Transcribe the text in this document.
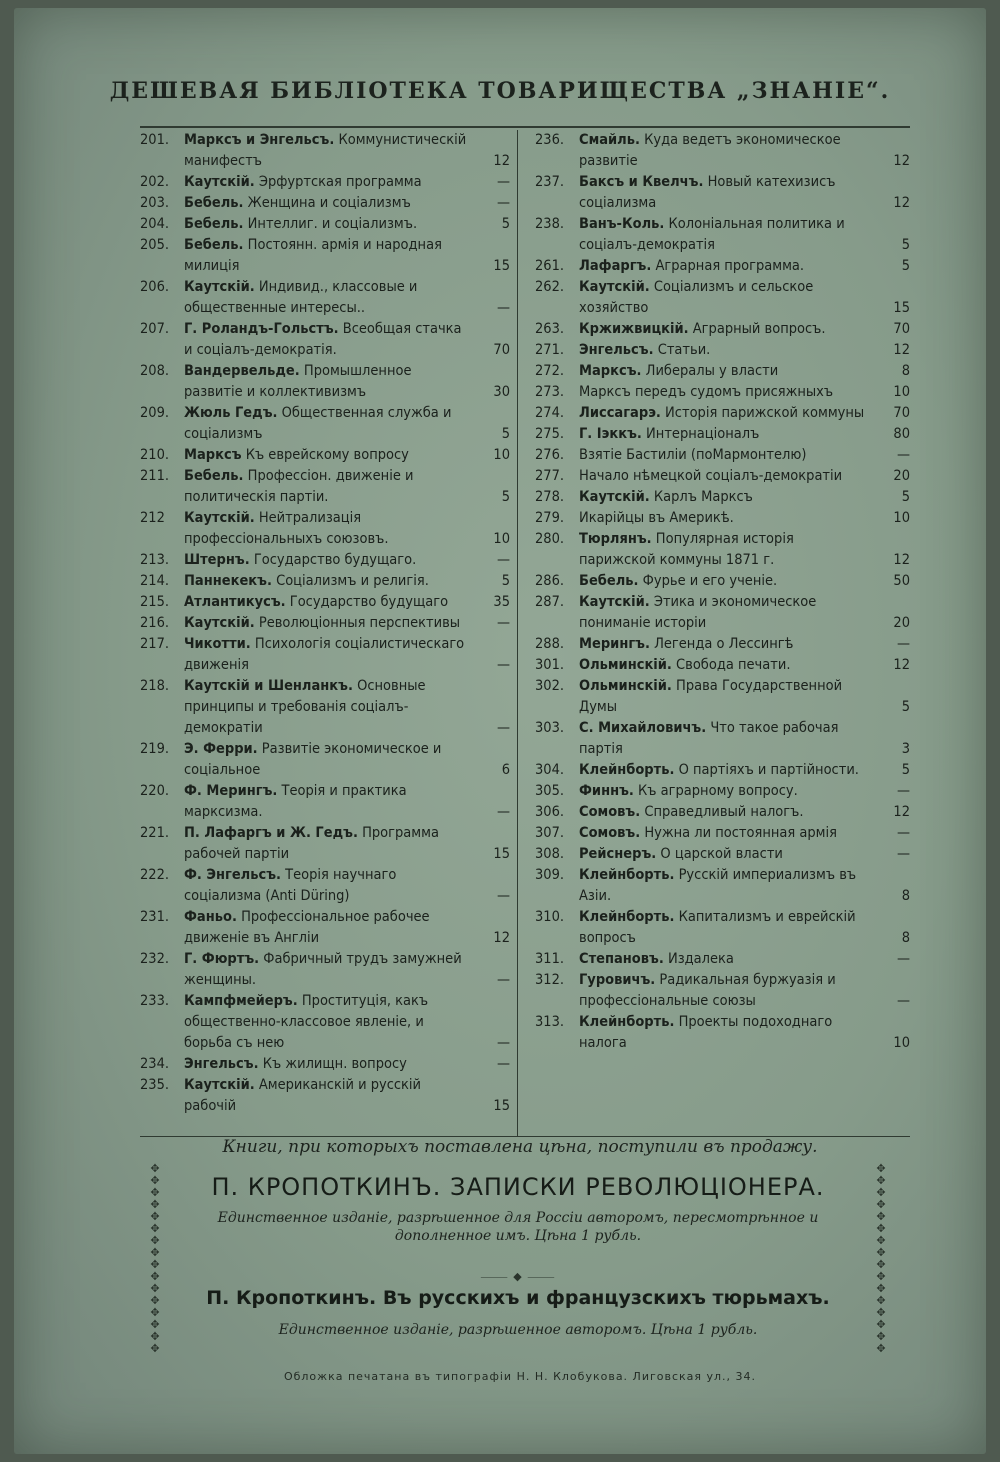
ДЕШЕВАЯ БИБЛІОТЕКА ТОВАРИЩЕСТВА „ЗНАНІЕ“.
201.	Марксъ и Энгельсъ. Коммунистическій манифестъ	12
202.	Каутскій. Эрфуртская программа	—
203.	Бебель. Женщина и соціализмъ	—
204.	Бебель. Интеллиг. и соціализмъ.	5
205.	Бебель. Постоянн. армія и народная милиція	15
206.	Каутскій. Индивид., классовые и общественные интересы..	—
207.	Г. Роландъ-Гольстъ. Всеобщая стачка и соціалъ-демократія.	70
208.	Вандервельде. Промышленное развитіе и коллективизмъ	30
209.	Жюль Гедъ. Общественная служба и соціализмъ	5
210.	Марксъ Къ еврейскому вопросу	10
211.	Бебель. Профессіон. движеніе и политическія партіи.	5
212	Каутскій. Нейтрализація профессіональныхъ союзовъ.	10
213.	Штернъ. Государство будущаго.	—
214.	Паннекекъ. Соціализмъ и религія.	5
215.	Атлантикусъ. Государство будущаго	35
216.	Каутскій. Революціонныя перспективы	—
217.	Чикотти. Психологія соціалистическаго движенія	—
218.	Каутскій и Шенланкъ. Основные принципы и требованія соціалъ-демократіи	—
219.	Э. Ферри. Развитіе экономическое и соціальное	6
220.	Ф. Мерингъ. Теорія и практика марксизма.	—
221.	П. Лафаргъ и Ж. Гедъ. Программа рабочей партіи	15
222.	Ф. Энгельсъ. Теорія научнаго соціализма (Anti Düring)	—
231.	Фаньо. Профессіональное рабочее движеніе въ Англіи	12
232.	Г. Фюртъ. Фабричный трудъ замужней женщины.	—
233.	Кампфмейеръ. Проституція, какъ общественно-классовое явленіе, и борьба съ нею	—
234.	Энгельсъ. Къ жилищн. вопросу	—
235.	Каутскій. Американскій и русскій рабочій	15
236.	Смайль. Куда ведетъ экономическое развитіе	12
237.	Баксъ и Квелчъ. Новый катехизисъ соціализма	12
238.	Ванъ-Коль. Колоніальная политика и соціалъ-демократія	5
261.	Лафаргъ. Аграрная программа.	5
262.	Каутскій. Соціализмъ и сельское хозяйство	15
263.	Кржижвицкій. Аграрный вопросъ.	70
271.	Энгельсъ. Статьи.	12
272.	Марксъ. Либералы у власти	8
273.	Марксъ передъ судомъ присяжныхъ	10
274.	Лиссагарэ. Исторія парижской коммуны	70
275.	Г. Іэккъ. Интернаціоналъ	80
276.	Взятіе Бастиліи (поМармонтелю)	—
277.	Начало нѣмецкой соціалъ-демократіи	20
278.	Каутскій. Карлъ Марксъ	5
279.	Икарійцы въ Америкѣ.	10
280.	Тюрлянъ. Популярная исторія парижской коммуны 1871 г.	12
286.	Бебель. Фурье и его ученіе.	50
287.	Каутскій. Этика и экономическое пониманіе исторіи	20
288.	Мерингъ. Легенда о Лессингѣ	—
301.	Ольминскій. Свобода печати.	12
302.	Ольминскій. Права Государственной Думы	5
303.	С. Михайловичъ. Что такое рабочая партія	3
304.	Клейнборть. О партіяхъ и партійности.	5
305.	Финнъ. Къ аграрному вопросу.	—
306.	Сомовъ. Справедливый налогъ.	12
307.	Сомовъ. Нужна ли постоянная армія	—
308.	Рейснеръ. О царской власти	—
309.	Клейнборть. Русскій империализмъ въ Азіи.	8
310.	Клейнборть. Капитализмъ и еврейскій вопросъ	8
311.	Степановъ. Издалека	—
312.	Гуровичъ. Радикальная буржуазія и профессіональные союзы	—
313.	Клейнборть. Проекты подоходнаго налога	10
Книги, при которыхъ поставлена цѣна, поступили въ продажу.
✥✥✥✥✥✥✥✥✥✥✥✥✥✥✥✥
✥✥✥✥✥✥✥✥✥✥✥✥✥✥✥✥
⸻ ◆ ⸻
П. КРОПОТКИНЪ. ЗАПИСКИ РЕВОЛЮЦІОНЕРА.
Единственное изданіе, разрѣшенное для Россіи авторомъ, пересмотрѣнное и дополненное имъ. Цѣна 1 рубль.
П. Кропоткинъ. Въ русскихъ и французскихъ тюрьмахъ.
Единственное изданіе, разрѣшенное авторомъ. Цѣна 1 рубль.
Обложка печатана въ типографіи Н. Н. Клобукова. Лиговская ул., 34.
